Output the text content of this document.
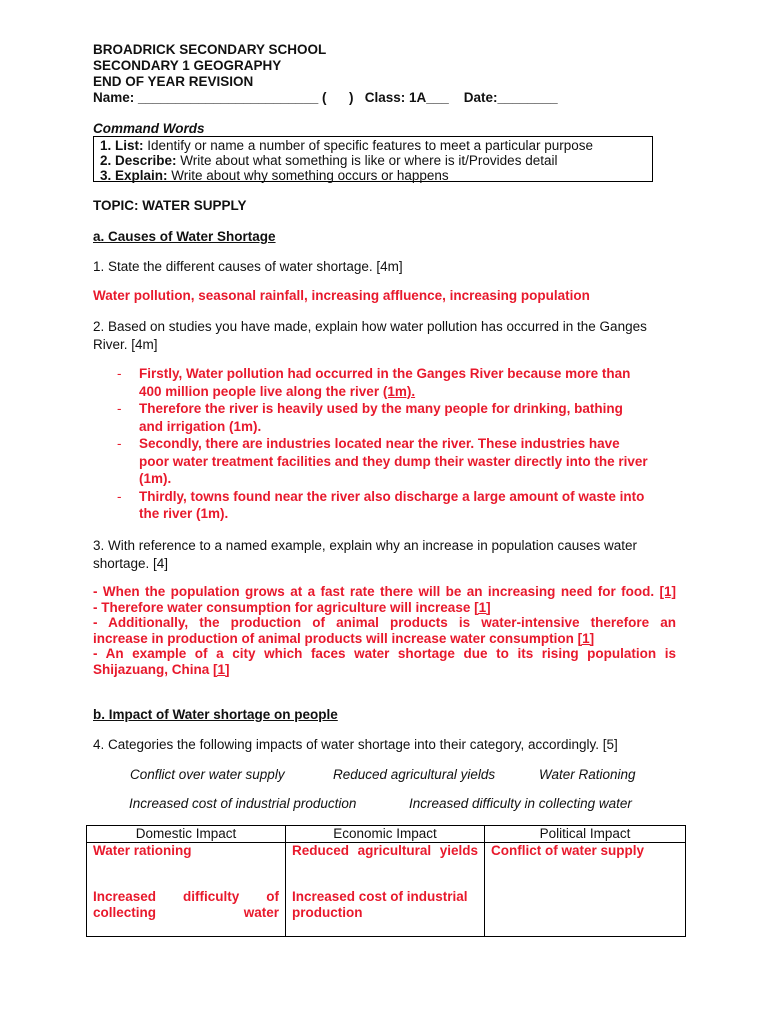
BROADRICK SECONDARY SCHOOL
SECONDARY 1 GEOGRAPHY
END OF YEAR REVISION
Name: ________________________ (      )   Class: 1A___    Date:________
Command Words
1. List: Identify or name a number of specific features to meet a particular purpose
2. Describe: Write about what something is like or where is it/Provides detail
3. Explain: Write about why something occurs or happens
TOPIC: WATER SUPPLY
a. Causes of Water Shortage
1. State the different causes of water shortage. [4m]
Water pollution, seasonal rainfall, increasing affluence, increasing population
2. Based on studies you have made, explain how water pollution has occurred in the Ganges
River. [4m]
- Firstly, Water pollution had occurred in the Ganges River because more than
400 million people live along the river (1m).
- Therefore the river is heavily used by the many people for drinking, bathing
and irrigation (1m).
- Secondly, there are industries located near the river. These industries have
poor water treatment facilities and they dump their waster directly into the river
(1m).
- Thirdly, towns found near the river also discharge a large amount of waste into
the river (1m).
3. With reference to a named example, explain why an increase in population causes water
shortage. [4]
- When the population grows at a fast rate there will be an increasing need for food. [1]
- Therefore water consumption for agriculture will increase [1]
- Additionally, the production of animal products is water-intensive therefore an
increase in production of animal products will increase water consumption [1]
- An example of a city which faces water shortage due to its rising population is
Shijazuang, China [1]
b. Impact of Water shortage on people
4. Categories the following impacts of water shortage into their category, accordingly. [5]
Conflict over water supply	Reduced agricultural yields	Water Rationing
Increased cost of industrial production	Increased difficulty in collecting water
Domestic Impact	Economic Impact	Political Impact
Water rationing	Reduced agricultural yields	Conflict of water supply

Increased difficulty of collecting water	Increased cost of industrial production	
